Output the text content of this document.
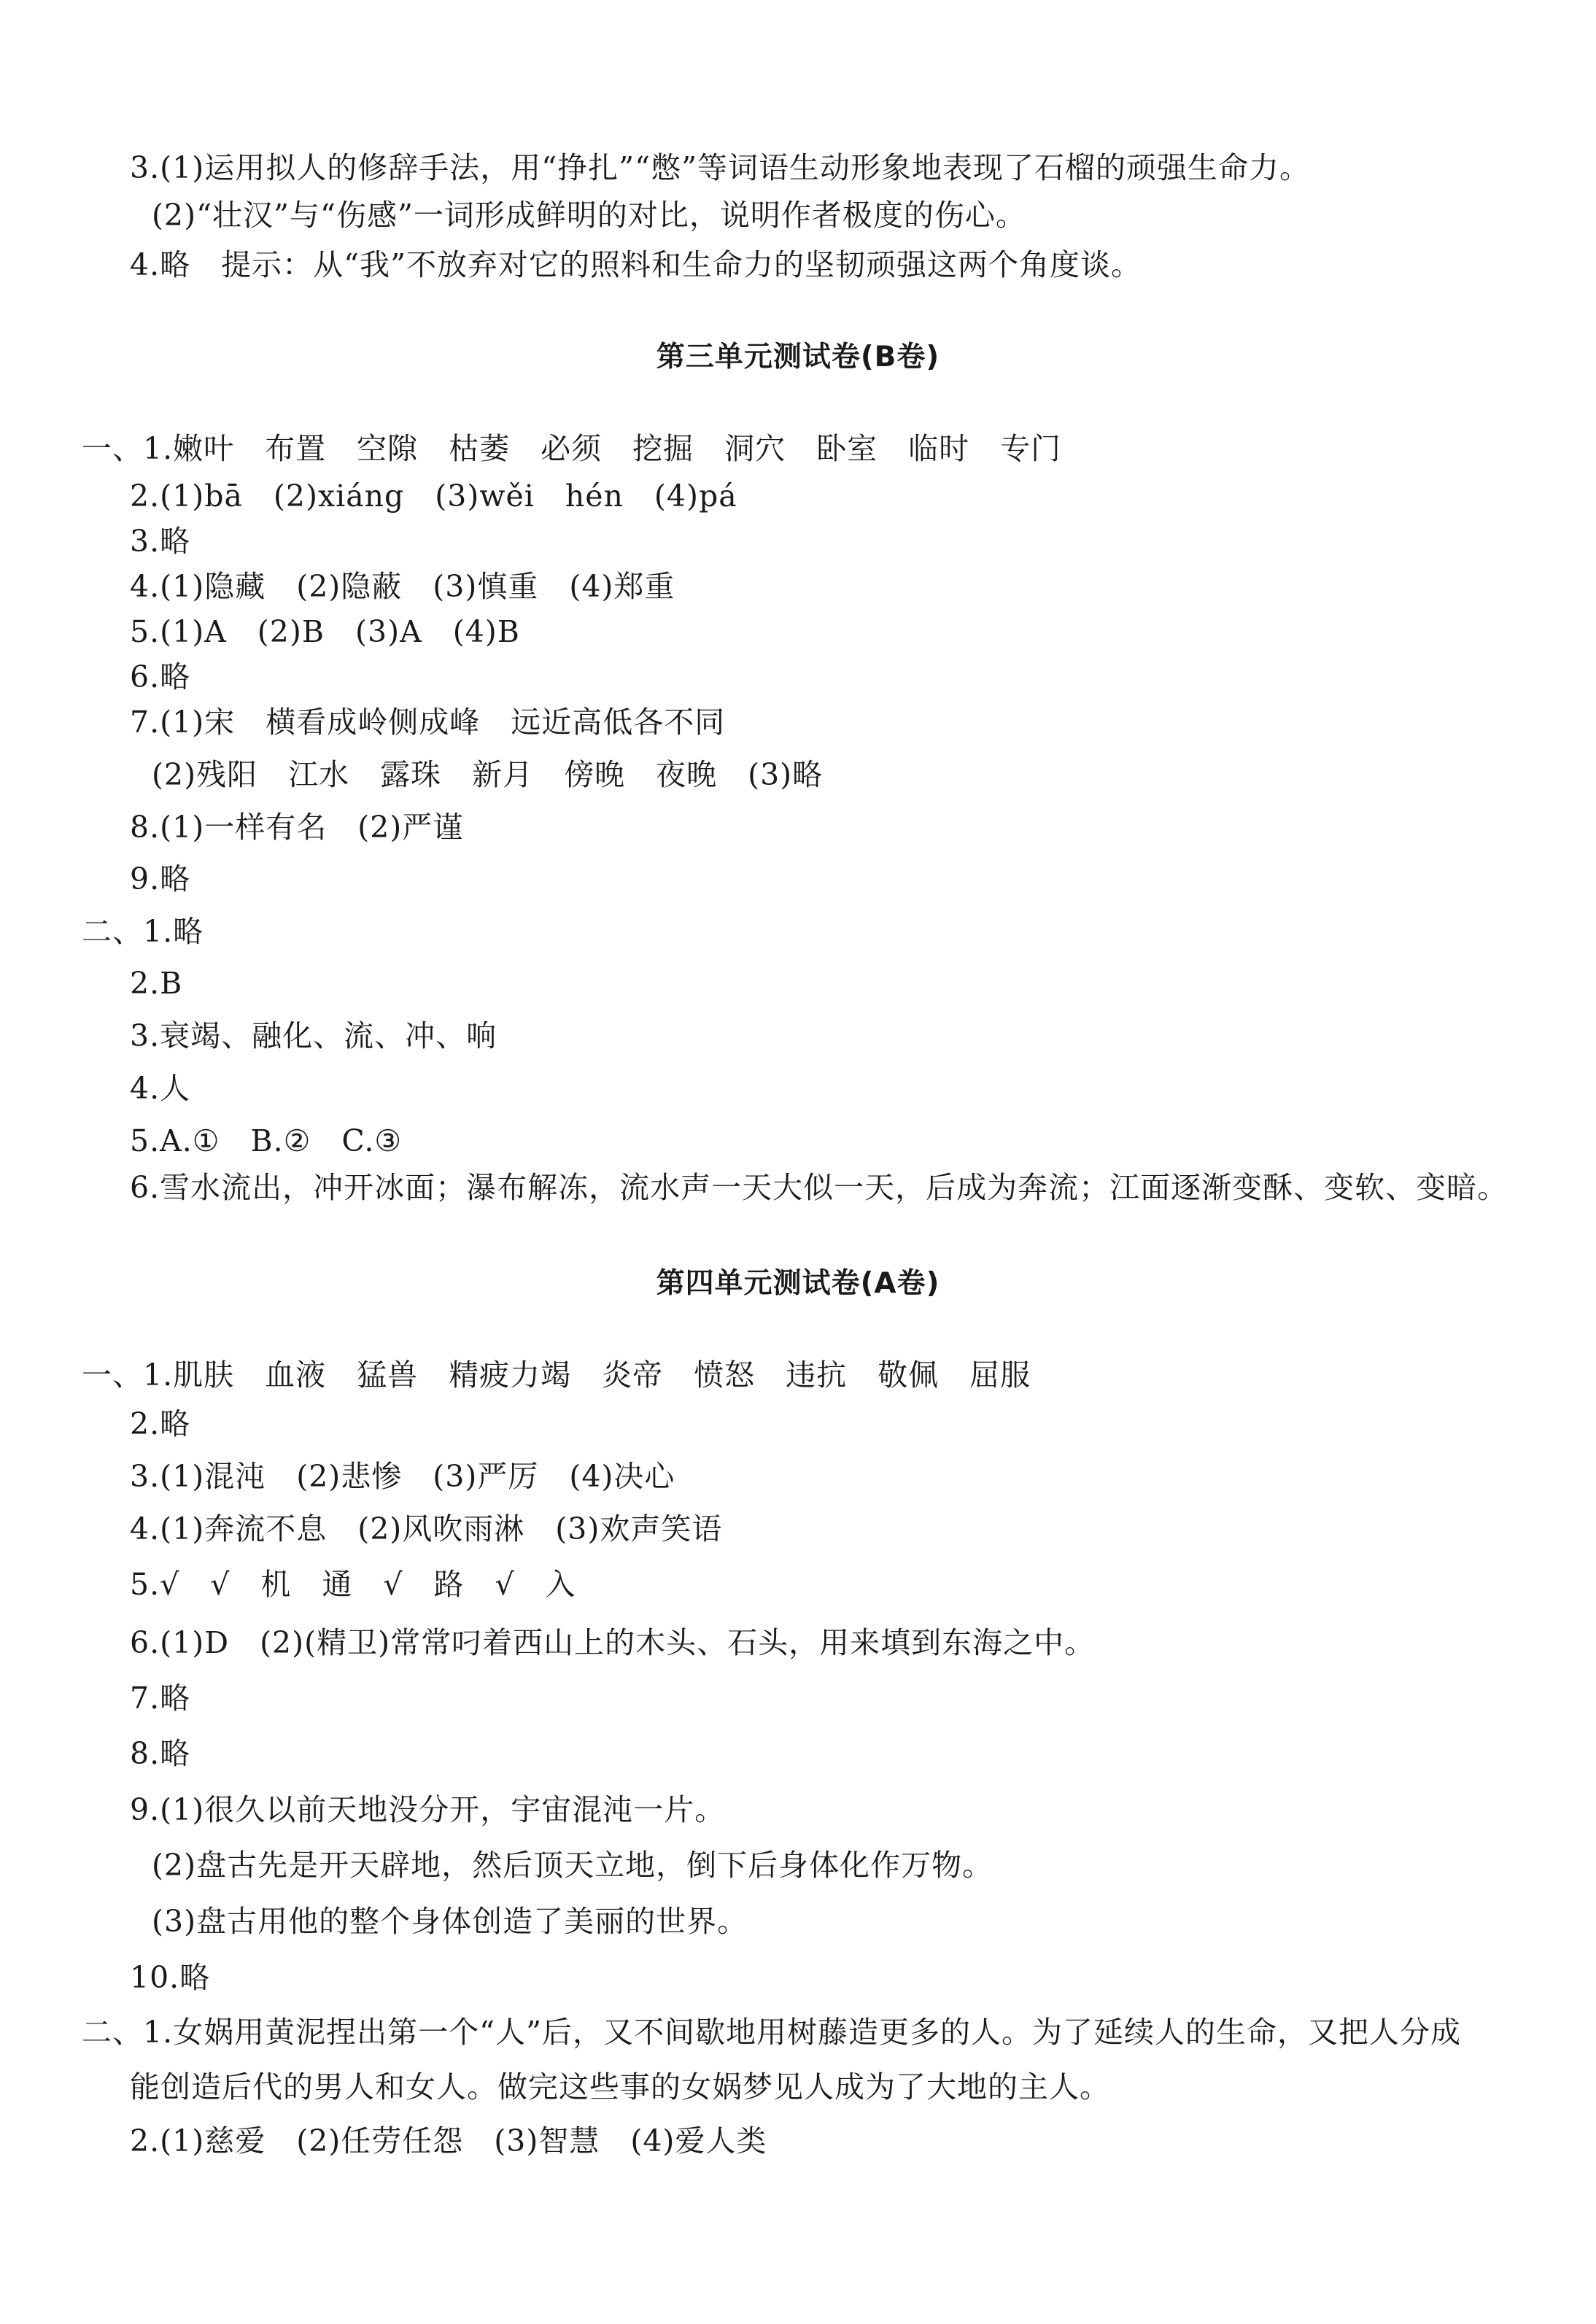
3.(1)运用拟人的修辞手法，用“挣扎”“憋”等词语生动形象地表现了石榴的顽强生命力。
(2)“壮汉”与“伤感”一词形成鲜明的对比，说明作者极度的伤心。
4.略　提示：从“我”不放弃对它的照料和生命力的坚韧顽强这两个角度谈。
第三单元测试卷(B卷)
一、1.嫩叶　布置　空隙　枯萎　必须　挖掘　洞穴　卧室　临时　专门
2.(1)bā　(2)xiáng　(3)wěi　hén　(4)pá
3.略
4.(1)隐藏　(2)隐蔽　(3)慎重　(4)郑重
5.(1)A　(2)B　(3)A　(4)B
6.略
7.(1)宋　横看成岭侧成峰　远近高低各不同
(2)残阳　江水　露珠　新月　傍晚　夜晚　(3)略
8.(1)一样有名　(2)严谨
9.略
二、1.略
2.B
3.衰竭、融化、流、冲、响
4.人
5.A.①　B.②　C.③
6.雪水流出，冲开冰面；瀑布解冻，流水声一天大似一天，后成为奔流；江面逐渐变酥、变软、变暗。
第四单元测试卷(A卷)
一、1.肌肤　血液　猛兽　精疲力竭　炎帝　愤怒　违抗　敬佩　屈服
2.略
3.(1)混沌　(2)悲惨　(3)严厉　(4)决心
4.(1)奔流不息　(2)风吹雨淋　(3)欢声笑语
5.√　√　机　通　√　路　√　入
6.(1)D　(2)(精卫)常常叼着西山上的木头、石头，用来填到东海之中。
7.略
8.略
9.(1)很久以前天地没分开，宇宙混沌一片。
(2)盘古先是开天辟地，然后顶天立地，倒下后身体化作万物。
(3)盘古用他的整个身体创造了美丽的世界。
10.略
二、1.女娲用黄泥捏出第一个“人”后，又不间歇地用树藤造更多的人。为了延续人的生命，又把人分成
能创造后代的男人和女人。做完这些事的女娲梦见人成为了大地的主人。
2.(1)慈爱　(2)任劳任怨　(3)智慧　(4)爱人类
